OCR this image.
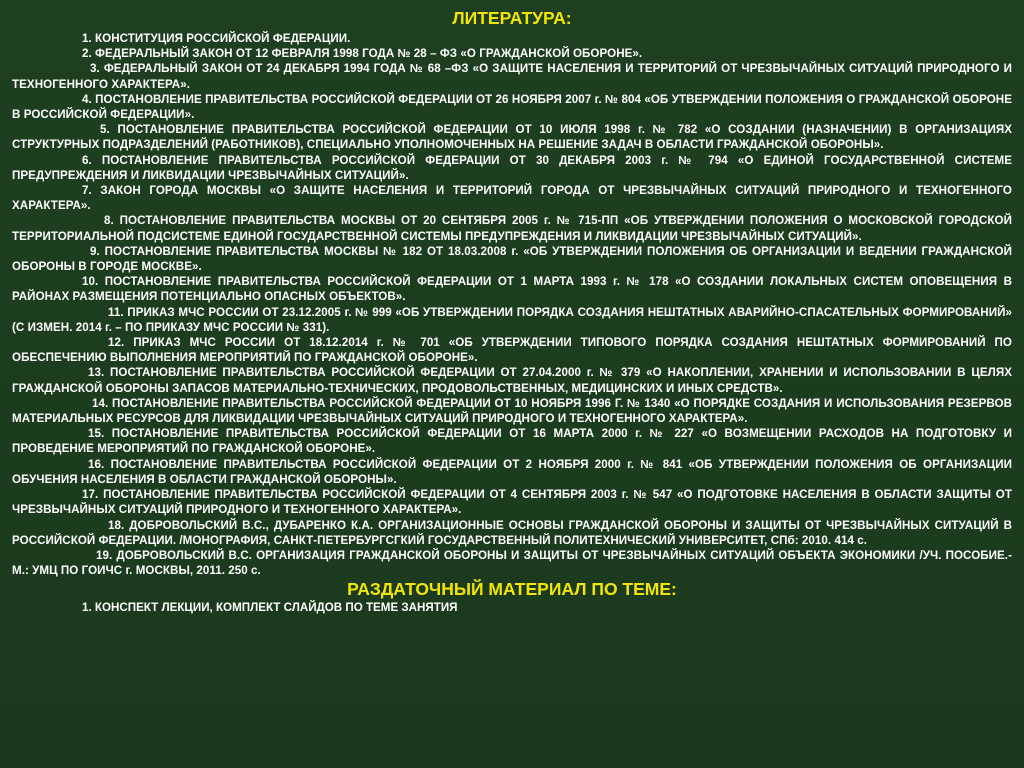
ЛИТЕРАТУРА:
1. КОНСТИТУЦИЯ РОССИЙСКОЙ ФЕДЕРАЦИИ.
2. ФЕДЕРАЛЬНЫЙ ЗАКОН ОТ 12 ФЕВРАЛЯ 1998 ГОДА № 28 – ФЗ «О ГРАЖДАНСКОЙ ОБОРОНЕ».
3. ФЕДЕРАЛЬНЫЙ ЗАКОН ОТ 24 ДЕКАБРЯ 1994 ГОДА № 68 –ФЗ «О ЗАЩИТЕ НАСЕЛЕНИЯ И ТЕРРИТОРИЙ ОТ ЧРЕЗВЫЧАЙНЫХ СИТУАЦИЙ ПРИРОДНОГО И ТЕХНОГЕННОГО ХАРАКТЕРА».
4. ПОСТАНОВЛЕНИЕ ПРАВИТЕЛЬСТВА РОССИЙСКОЙ ФЕДЕРАЦИИ ОТ 26 НОЯБРЯ 2007 г. № 804 «ОБ УТВЕРЖДЕНИИ ПОЛОЖЕНИЯ О ГРАЖДАНСКОЙ ОБОРОНЕ В РОССИЙСКОЙ ФЕДЕРАЦИИ».
5. ПОСТАНОВЛЕНИЕ ПРАВИТЕЛЬСТВА РОССИЙСКОЙ ФЕДЕРАЦИИ ОТ 10 ИЮЛЯ 1998 г. № 782 «О СОЗДАНИИ (НАЗНАЧЕНИИ) В ОРГАНИЗАЦИЯХ СТРУКТУРНЫХ ПОДРАЗДЕЛЕНИЙ (РАБОТНИКОВ), СПЕЦИАЛЬНО УПОЛНОМОЧЕННЫХ НА РЕШЕНИЕ ЗАДАЧ В ОБЛАСТИ ГРАЖДАНСКОЙ ОБОРОНЫ».
6. ПОСТАНОВЛЕНИЕ ПРАВИТЕЛЬСТВА РОССИЙСКОЙ ФЕДЕРАЦИИ ОТ 30 ДЕКАБРЯ 2003 г. № 794 «О ЕДИНОЙ ГОСУДАРСТВЕННОЙ СИСТЕМЕ ПРЕДУПРЕЖДЕНИЯ И ЛИКВИДАЦИИ ЧРЕЗВЫЧАЙНЫХ СИТУАЦИЙ».
7. ЗАКОН ГОРОДА МОСКВЫ «О ЗАЩИТЕ НАСЕЛЕНИЯ И ТЕРРИТОРИЙ ГОРОДА ОТ ЧРЕЗВЫЧАЙНЫХ СИТУАЦИЙ ПРИРОДНОГО И ТЕХНОГЕННОГО ХАРАКТЕРА».
8. ПОСТАНОВЛЕНИЕ ПРАВИТЕЛЬСТВА МОСКВЫ ОТ 20 СЕНТЯБРЯ 2005 г. № 715-ПП «ОБ УТВЕРЖДЕНИИ ПОЛОЖЕНИЯ О МОСКОВСКОЙ ГОРОДСКОЙ ТЕРРИТОРИАЛЬНОЙ ПОДСИСТЕМЕ ЕДИНОЙ ГОСУДАРСТВЕННОЙ СИСТЕМЫ ПРЕДУПРЕЖДЕНИЯ И ЛИКВИДАЦИИ ЧРЕЗВЫЧАЙНЫХ СИТУАЦИЙ».
9. ПОСТАНОВЛЕНИЕ ПРАВИТЕЛЬСТВА МОСКВЫ № 182 ОТ 18.03.2008 г. «ОБ УТВЕРЖДЕНИИ ПОЛОЖЕНИЯ ОБ ОРГАНИЗАЦИИ И ВЕДЕНИИ ГРАЖДАНСКОЙ ОБОРОНЫ В ГОРОДЕ МОСКВЕ».
10. ПОСТАНОВЛЕНИЕ ПРАВИТЕЛЬСТВА РОССИЙСКОЙ ФЕДЕРАЦИИ ОТ 1 МАРТА 1993 г. № 178 «О СОЗДАНИИ ЛОКАЛЬНЫХ СИСТЕМ ОПОВЕЩЕНИЯ В РАЙОНАХ РАЗМЕЩЕНИЯ ПОТЕНЦИАЛЬНО ОПАСНЫХ ОБЪЕКТОВ».
11. ПРИКАЗ МЧС РОССИИ ОТ 23.12.2005 г. № 999 «ОБ УТВЕРЖДЕНИИ ПОРЯДКА СОЗДАНИЯ НЕШТАТНЫХ АВАРИЙНО-СПАСАТЕЛЬНЫХ ФОРМИРОВАНИЙ» (С ИЗМЕН. 2014 г. – ПО ПРИКАЗУ МЧС РОССИИ № 331).
12. ПРИКАЗ МЧС РОССИИ ОТ 18.12.2014 г. № 701 «ОБ УТВЕРЖДЕНИИ ТИПОВОГО ПОРЯДКА СОЗДАНИЯ НЕШТАТНЫХ ФОРМИРОВАНИЙ ПО ОБЕСПЕЧЕНИЮ ВЫПОЛНЕНИЯ МЕРОПРИЯТИЙ ПО ГРАЖДАНСКОЙ ОБОРОНЕ».
13. ПОСТАНОВЛЕНИЕ ПРАВИТЕЛЬСТВА РОССИЙСКОЙ ФЕДЕРАЦИИ ОТ 27.04.2000 г. № 379 «О НАКОПЛЕНИИ, ХРАНЕНИИ И ИСПОЛЬЗОВАНИИ В ЦЕЛЯХ ГРАЖДАНСКОЙ ОБОРОНЫ ЗАПАСОВ МАТЕРИАЛЬНО-ТЕХНИЧЕСКИХ, ПРОДОВОЛЬСТВЕННЫХ, МЕДИЦИНСКИХ И ИНЫХ СРЕДСТВ».
14. ПОСТАНОВЛЕНИЕ ПРАВИТЕЛЬСТВА РОССИЙСКОЙ ФЕДЕРАЦИИ ОТ 10 НОЯБРЯ 1996 Г. № 1340 «О ПОРЯДКЕ СОЗДАНИЯ И ИСПОЛЬЗОВАНИЯ РЕЗЕРВОВ МАТЕРИАЛЬНЫХ РЕСУРСОВ ДЛЯ ЛИКВИДАЦИИ ЧРЕЗВЫЧАЙНЫХ СИТУАЦИЙ ПРИРОДНОГО И ТЕХНОГЕННОГО ХАРАКТЕРА».
15. ПОСТАНОВЛЕНИЕ ПРАВИТЕЛЬСТВА РОССИЙСКОЙ ФЕДЕРАЦИИ ОТ 16 МАРТА 2000 г. № 227 «О ВОЗМЕЩЕНИИ РАСХОДОВ НА ПОДГОТОВКУ И ПРОВЕДЕНИЕ МЕРОПРИЯТИЙ ПО ГРАЖДАНСКОЙ ОБОРОНЕ».
16. ПОСТАНОВЛЕНИЕ ПРАВИТЕЛЬСТВА РОССИЙСКОЙ ФЕДЕРАЦИИ ОТ 2 НОЯБРЯ 2000 г. № 841 «ОБ УТВЕРЖДЕНИИ ПОЛОЖЕНИЯ ОБ ОРГАНИЗАЦИИ ОБУЧЕНИЯ НАСЕЛЕНИЯ В ОБЛАСТИ ГРАЖДАНСКОЙ ОБОРОНЫ».
17. ПОСТАНОВЛЕНИЕ ПРАВИТЕЛЬСТВА РОССИЙСКОЙ ФЕДЕРАЦИИ ОТ 4 СЕНТЯБРЯ 2003 г. № 547 «О ПОДГОТОВКЕ НАСЕЛЕНИЯ В ОБЛАСТИ ЗАЩИТЫ ОТ ЧРЕЗВЫЧАЙНЫХ СИТУАЦИЙ ПРИРОДНОГО И ТЕХНОГЕННОГО ХАРАКТЕРА».
18. ДОБРОВОЛЬСКИЙ В.С., ДУБАРЕНКО К.А. ОРГАНИЗАЦИОННЫЕ ОСНОВЫ ГРАЖДАНСКОЙ ОБОРОНЫ И ЗАЩИТЫ ОТ ЧРЕЗВЫЧАЙНЫХ СИТУАЦИЙ В РОССИЙСКОЙ ФЕДЕРАЦИИ. /МОНОГРАФИЯ, САНКТ-ПЕТЕРБУРГСГКИЙ ГОСУДАРСТВЕННЫЙ ПОЛИТЕХНИЧЕСКИЙ УНИВЕРСИТЕТ, СПб: 2010. 414 с.
19. ДОБРОВОЛЬСКИЙ В.С. ОРГАНИЗАЦИЯ ГРАЖДАНСКОЙ ОБОРОНЫ И ЗАЩИТЫ ОТ ЧРЕЗВЫЧАЙНЫХ СИТУАЦИЙ ОБЪЕКТА ЭКОНОМИКИ /УЧ. ПОСОБИЕ.-М.: УМЦ ПО ГОИЧС г. МОСКВЫ, 2011. 250 с.
РАЗДАТОЧНЫЙ МАТЕРИАЛ ПО ТЕМЕ:

1. КОНСПЕКТ ЛЕКЦИИ, КОМПЛЕКТ СЛАЙДОВ ПО ТЕМЕ ЗАНЯТИЯ
